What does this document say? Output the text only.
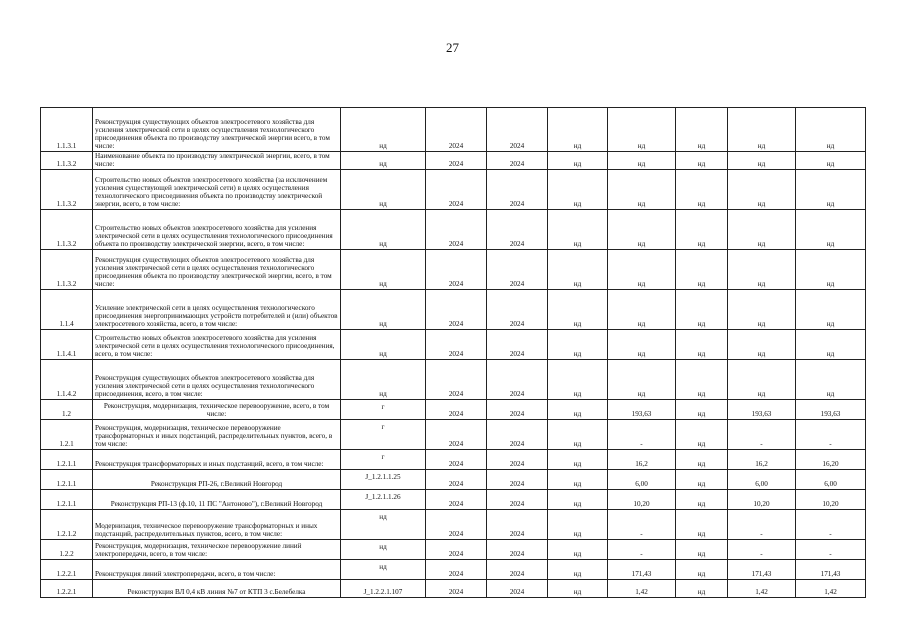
27
1.1.3.1	Реконструкция существующих объектов электросетевого хозяйства для усиления электрической сети в целях осуществления технологического присоединения объекта по производству электрической энергии всего, в том числе:	нд	2024	2024	нд	нд	нд	нд	нд
1.1.3.2	Наименование объекта по производству электрической энергии, всего, в том числе:	нд	2024	2024	нд	нд	нд	нд	нд
1.1.3.2	Строительство новых объектов электросетевого хозяйства (за исключением усиления существующей электрической сети) в целях осуществления технологического присоединения объекта по производству электрической энергии, всего, в том числе:	нд	2024	2024	нд	нд	нд	нд	нд
1.1.3.2	Строительство новых объектов электросетевого хозяйства для усиления электрической сети в целях осуществления технологического присоединения объекта по производству электрической энергии, всего, в том числе:	нд	2024	2024	нд	нд	нд	нд	нд
1.1.3.2	Реконструкция существующих объектов электросетевого хозяйства для усиления электрической сети в целях осуществления технологического присоединения объекта по производству электрической энергии, всего, в том числе:	нд	2024	2024	нд	нд	нд	нд	нд
1.1.4	Усиление электрической сети в целях осуществления технологического присоединения энергопринимающих устройств потребителей и (или) объектов электросетевого хозяйства, всего, в том числе:	нд	2024	2024	нд	нд	нд	нд	нд
1.1.4.1	Строительство новых объектов электросетевого хозяйства для усиления электрической сети в целях осуществления технологического присоединения, всего, в том числе:	нд	2024	2024	нд	нд	нд	нд	нд
1.1.4.2	Реконструкция существующих объектов электросетевого хозяйства для усиления электрической сети в целях осуществления технологического присоединения, всего, в том числе:	нд	2024	2024	нд	нд	нд	нд	нд
1.2	Реконструкция, модернизация, техническое перевооружение, всего, в том числе:	г	2024	2024	нд	193,63	нд	193,63	193,63
1.2.1	Реконструкция, модернизация, техническое перевооружение трансформаторных и иных подстанций, распределительных пунктов, всего, в том числе:	г	2024	2024	нд	-	нд	-	-
1.2.1.1	Реконструкция трансформаторных и иных подстанций, всего, в том числе:	г	2024	2024	нд	16,2	нд	16,2	16,20
1.2.1.1	Реконструкция РП-26, г.Великий Новгород	J_1.2.1.1.25	2024	2024	нд	6,00	нд	6,00	6,00
1.2.1.1	Реконструкция РП-13 (ф.10, 11 ПС "Антоново"), г.Великий Новгород	J_1.2.1.1.26	2024	2024	нд	10,20	нд	10,20	10,20
1.2.1.2	Модернизация, техническое перевооружение трансформаторных и иных подстанций, распределительных пунктов, всего, в том числе:	нд	2024	2024	нд	-	нд	-	-
1.2.2	Реконструкция, модернизация, техническое перевооружение линий электропередачи, всего, в том числе:	нд	2024	2024	нд	-	нд	-	-
1.2.2.1	Реконструкция линий электропередачи, всего, в том числе:	нд	2024	2024	нд	171,43	нд	171,43	171,43
1.2.2.1	Реконструкция ВЛ 0,4 кВ линия №7 от КТП 3 с.Белебелка	J_1.2.2.1.107	2024	2024	нд	1,42	нд	1,42	1,42
